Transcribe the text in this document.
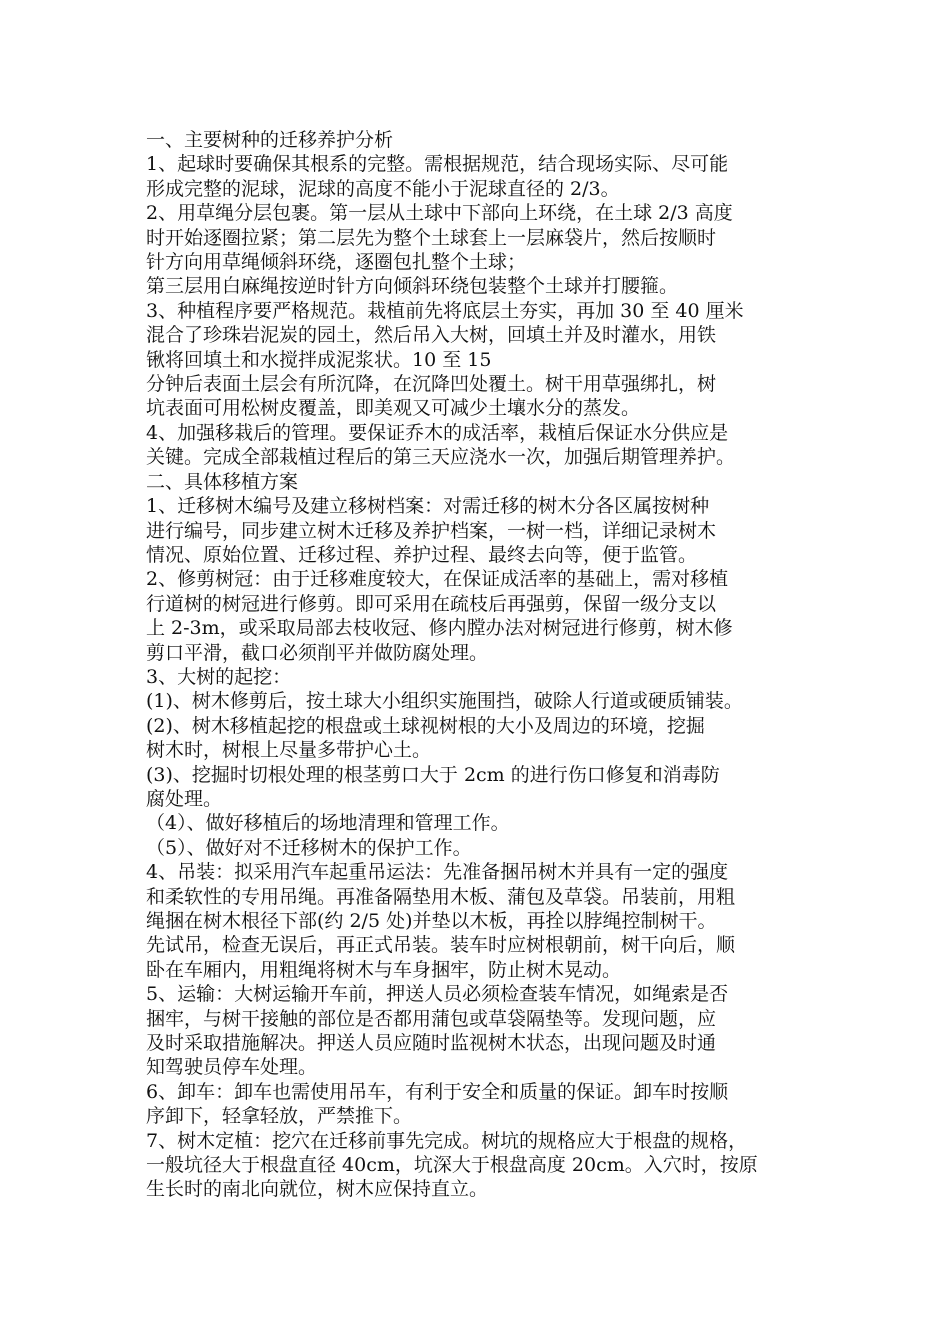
一、主要树种的迁移养护分析

1、起球时要确保其根系的完整。需根据规范，结合现场实际、尽可能

形成完整的泥球，泥球的高度不能小于泥球直径的 2/3。

2、用草绳分层包裹。第一层从土球中下部向上环绕，在土球 2/3 高度

时开始逐圈拉紧；第二层先为整个土球套上一层麻袋片，然后按顺时

针方向用草绳倾斜环绕，逐圈包扎整个土球；

第三层用白麻绳按逆时针方向倾斜环绕包装整个土球并打腰箍。

3、种植程序要严格规范。栽植前先将底层土夯实，再加 30 至 40 厘米

混合了珍珠岩泥炭的园土，然后吊入大树，回填土并及时灌水，用铁

锹将回填土和水搅拌成泥浆状。10 至 15

分钟后表面土层会有所沉降，在沉降凹处覆土。树干用草强绑扎，树

坑表面可用松树皮覆盖，即美观又可减少土壤水分的蒸发。

4、加强移栽后的管理。要保证乔木的成活率，栽植后保证水分供应是

关键。完成全部栽植过程后的第三天应浇水一次，加强后期管理养护。

二、具体移植方案

1、迁移树木编号及建立移树档案：对需迁移的树木分各区属按树种

进行编号，同步建立树木迁移及养护档案，一树一档，详细记录树木

情况、原始位置、迁移过程、养护过程、最终去向等，便于监管。

2、修剪树冠：由于迁移难度较大，在保证成活率的基础上，需对移植

行道树的树冠进行修剪。即可采用在疏枝后再强剪，保留一级分支以

上 2-3m，或采取局部去枝收冠、修内膛办法对树冠进行修剪，树木修

剪口平滑，截口必须削平并做防腐处理。

3、大树的起挖：

(1)、树木修剪后，按土球大小组织实施围挡，破除人行道或硬质铺装。

(2)、树木移植起挖的根盘或土球视树根的大小及周边的环境，挖掘

树木时，树根上尽量多带护心土。

(3)、挖掘时切根处理的根茎剪口大于 2cm 的进行伤口修复和消毒防

腐处理。

（4）、做好移植后的场地清理和管理工作。

（5）、做好对不迁移树木的保护工作。

4、吊装：拟采用汽车起重吊运法：先准备捆吊树木并具有一定的强度

和柔软性的专用吊绳。再准备隔垫用木板、蒲包及草袋。吊装前，用粗

绳捆在树木根径下部(约 2/5 处)并垫以木板，再拴以脖绳控制树干。

先试吊，检查无误后，再正式吊装。装车时应树根朝前，树干向后，顺

卧在车厢内，用粗绳将树木与车身捆牢，防止树木晃动。

5、运输：大树运输开车前，押送人员必须检查装车情况，如绳索是否

捆牢，与树干接触的部位是否都用蒲包或草袋隔垫等。发现问题，应

及时采取措施解决。押送人员应随时监视树木状态，出现问题及时通

知驾驶员停车处理。

6、卸车：卸车也需使用吊车，有利于安全和质量的保证。卸车时按顺

序卸下，轻拿轻放，严禁推下。

7、树木定植：挖穴在迁移前事先完成。树坑的规格应大于根盘的规格，

一般坑径大于根盘直径 40cm，坑深大于根盘高度 20cm。入穴时，按原

生长时的南北向就位，树木应保持直立。
